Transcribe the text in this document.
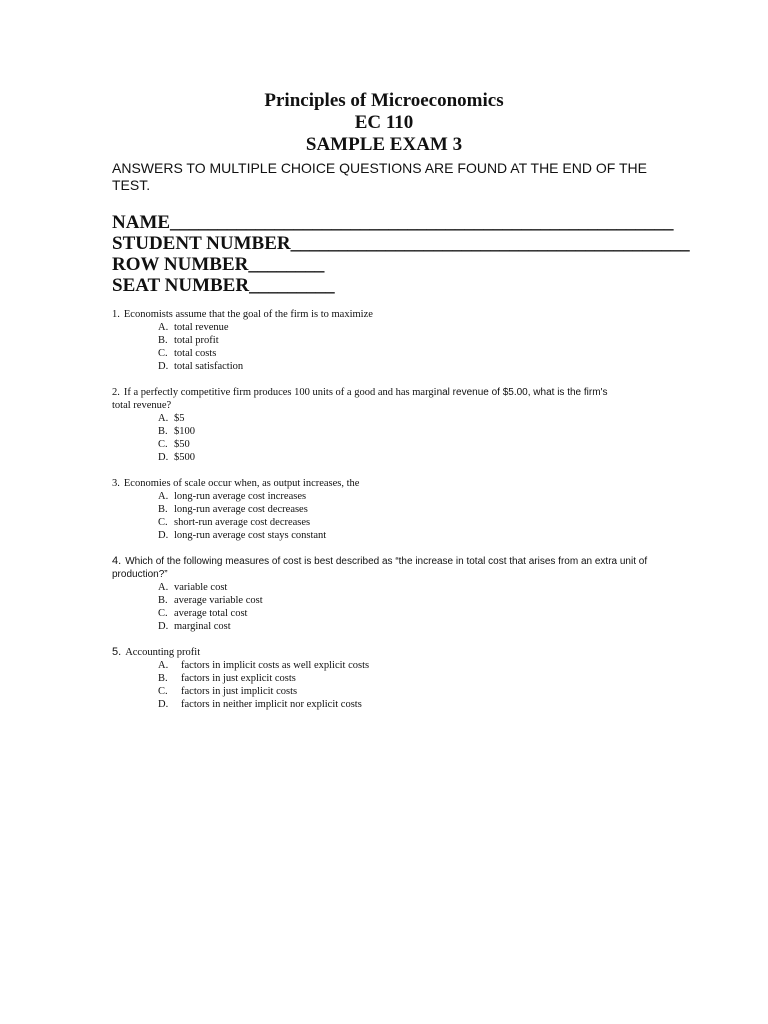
Principles of Microeconomics
EC 110
SAMPLE EXAM 3
ANSWERS TO MULTIPLE CHOICE QUESTIONS ARE FOUND AT THE END OF THE TEST.
NAME_____________________________________________________
STUDENT NUMBER__________________________________________
ROW NUMBER________
SEAT NUMBER_________
1. Economists assume that the goal of the firm is to maximize
A. total revenue
B. total profit
C. total costs
D. total satisfaction
2. If a perfectly competitive firm produces 100 units of a good and has marginal revenue of $5.00, what is the firm's
total revenue?
A. $5
B. $100
C. $50
D. $500
3. Economies of scale occur when, as output increases, the
A. long-run average cost increases
B. long-run average cost decreases
C. short-run average cost decreases
D. long-run average cost stays constant
4. Which of the following measures of cost is best described as “the increase in total cost that arises from an extra unit of production?”
A. variable cost
B. average variable cost
C. average total cost
D. marginal cost
5. Accounting profit
A. factors in implicit costs as well explicit costs
B. factors in just explicit costs
C. factors in just implicit costs
D. factors in neither implicit nor explicit costs
